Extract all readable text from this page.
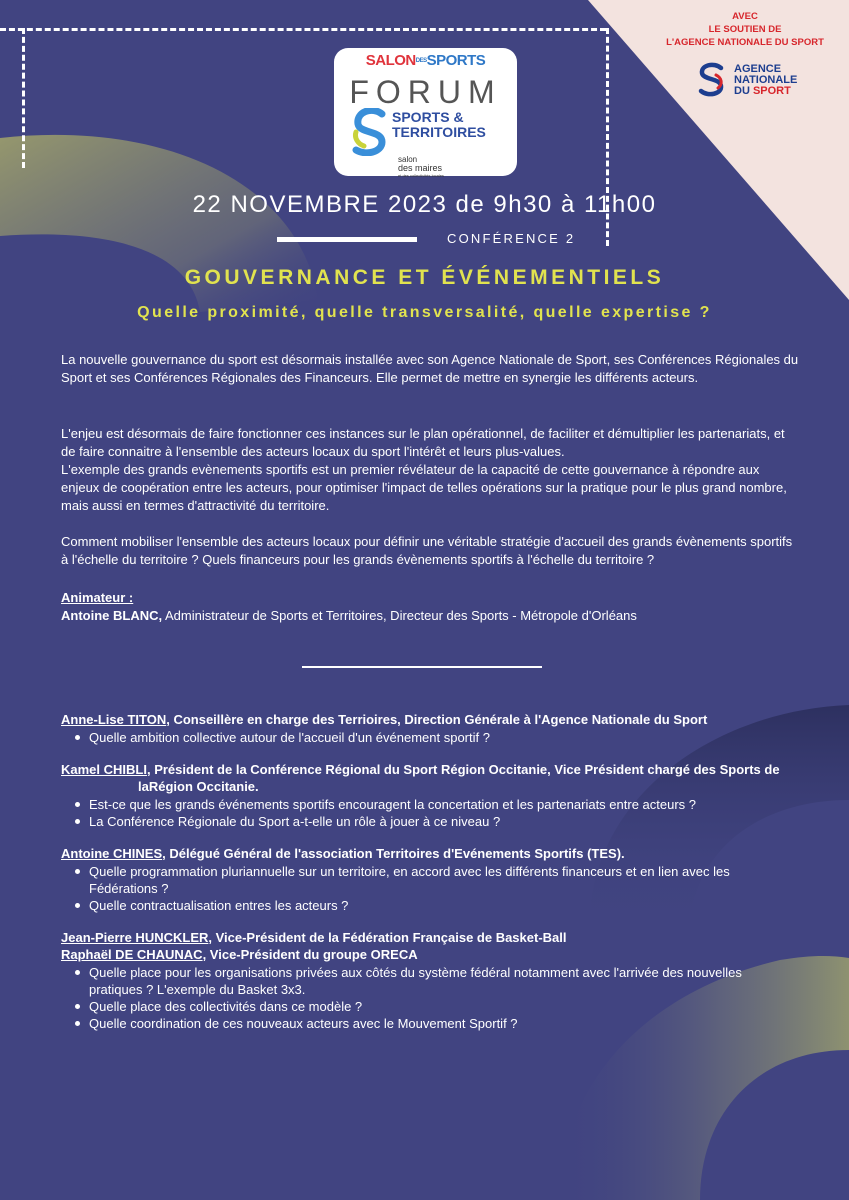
AVEC
LE SOUTIEN DE
L'AGENCE NATIONALE DU SPORT
AGENCE
NATIONALE
DU SPORT
SALONDESSPORTS
FORUM
SPORTS &
TERRITOIRES
salon
des maires
et des collectivités locales
22 NOVEMBRE 2023 de 9h30 à 11h00
CONFÉRENCE 2
GOUVERNANCE ET ÉVÉNEMENTIELS
Quelle proximité, quelle transversalité, quelle expertise ?
La nouvelle gouvernance du sport est désormais installée avec son Agence Nationale de Sport, ses Conférences Régionales du Sport et ses Conférences Régionales des Financeurs. Elle permet de mettre en synergie les différents acteurs.
L'enjeu est désormais de faire fonctionner ces instances sur le plan opérationnel, de faciliter et démultiplier les partenariats, et de faire connaitre à l'ensemble des acteurs locaux du sport l'intérêt et leurs plus-values.
L'exemple des grands evènements sportifs est un premier révélateur de la capacité de cette gouvernance à répondre aux enjeux de coopération entre les acteurs, pour optimiser l'impact de telles opérations sur la pratique pour le plus grand nombre, mais aussi en termes d'attractivité du territoire.
Comment mobiliser l'ensemble des acteurs locaux pour définir une véritable stratégie d'accueil des grands évènements sportifs à l'échelle du territoire ? Quels financeurs pour les grands évènements sportifs à l'échelle du territoire ?
Animateur :
Antoine BLANC, Administrateur de Sports et Territoires, Directeur des Sports - Métropole d'Orléans
Anne-Lise TITON, Conseillère en charge des Terrioires, Direction Générale à l'Agence Nationale du Sport
Quelle ambition collective autour de l'accueil d'un événement sportif ?
Kamel CHIBLI, Président de la Conférence Régional du Sport Région Occitanie, Vice Président chargé des Sports de
laRégion Occitanie.
Est-ce que les grands événements sportifs encouragent la concertation et les partenariats entre acteurs ?
La Conférence Régionale du Sport a-t-elle un rôle à jouer à ce niveau ?
Antoine CHINES, Délégué Général de l'association Territoires d'Evénements Sportifs (TES).
Quelle programmation pluriannuelle sur un territoire, en accord avec les différents financeurs et en lien avec les Fédérations ?
Quelle contractualisation entres les acteurs ?
Jean-Pierre HUNCKLER, Vice-Président de la Fédération Française de Basket-Ball
Raphaël DE CHAUNAC, Vice-Président du groupe ORECA
Quelle place pour les organisations privées aux côtés du système fédéral notamment avec l'arrivée des nouvelles pratiques ? L'exemple du Basket 3x3.
Quelle place des collectivités dans ce modèle ?
Quelle coordination de ces nouveaux acteurs avec le Mouvement Sportif ?
